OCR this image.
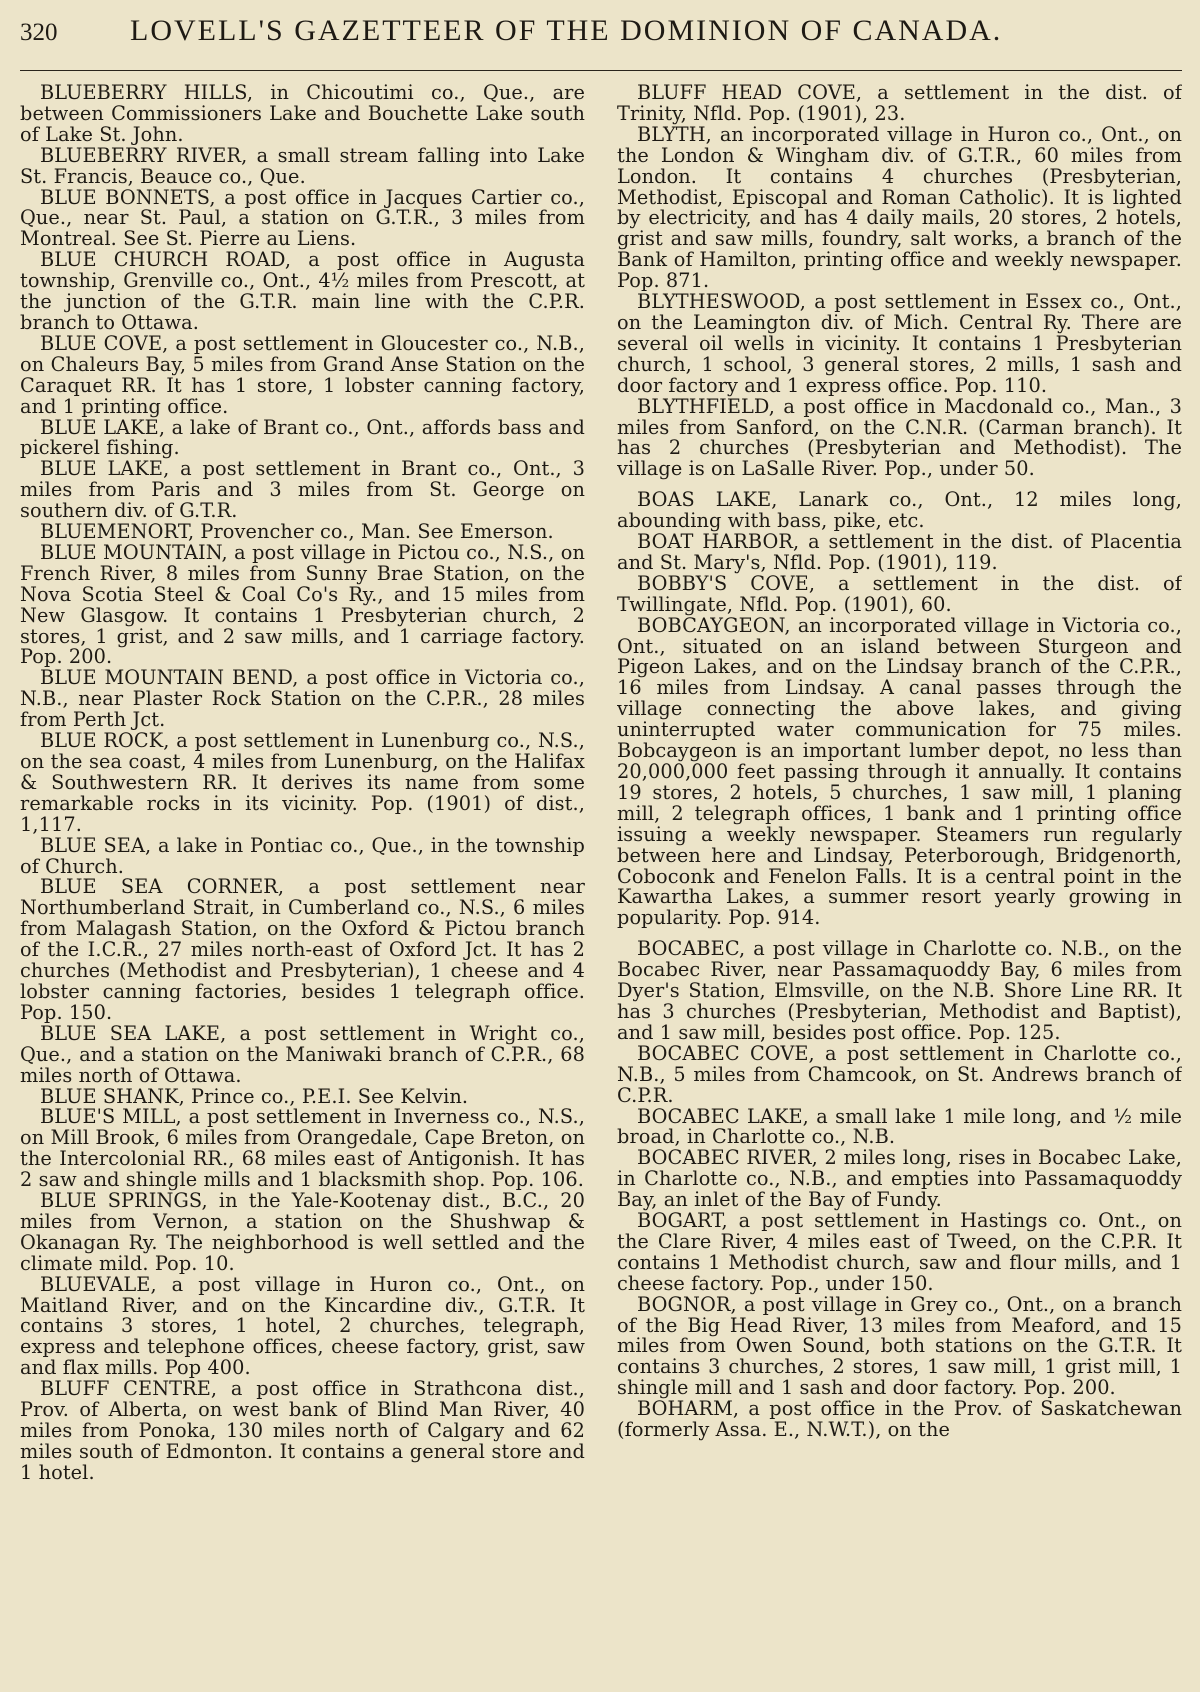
320	LOVELL'S GAZETTEER OF THE DOMINION OF CANADA.

BLUEBERRY HILLS, in Chicoutimi co., Que., are between Commissioners Lake and Bouchette Lake south of Lake St. John.

BLUEBERRY RIVER, a small stream falling into Lake St. Francis, Beauce co., Que.

BLUE BONNETS, a post office in Jacques Cartier co., Que., near St. Paul, a station on G.T.R., 3 miles from Montreal. See St. Pierre au Liens.

BLUE CHURCH ROAD, a post office in Augusta township, Grenville co., Ont., 4½ miles from Prescott, at the junction of the G.T.R. main line with the C.P.R. branch to Ottawa.

BLUE COVE, a post settlement in Gloucester co., N.B., on Chaleurs Bay, 5 miles from Grand Anse Station on the Caraquet RR. It has 1 store, 1 lobster canning factory, and 1 printing office.

BLUE LAKE, a lake of Brant co., Ont., affords bass and pickerel fishing.

BLUE LAKE, a post settlement in Brant co., Ont., 3 miles from Paris and 3 miles from St. George on southern div. of G.T.R.

BLUEMENORT, Provencher co., Man. See Emerson.

BLUE MOUNTAIN, a post village in Pictou co., N.S., on French River, 8 miles from Sunny Brae Station, on the Nova Scotia Steel & Coal Co's Ry., and 15 miles from New Glasgow. It contains 1 Presbyterian church, 2 stores, 1 grist, and 2 saw mills, and 1 carriage factory. Pop. 200.

BLUE MOUNTAIN BEND, a post office in Victoria co., N.B., near Plaster Rock Station on the C.P.R., 28 miles from Perth Jct.

BLUE ROCK, a post settlement in Lunenburg co., N.S., on the sea coast, 4 miles from Lunenburg, on the Halifax & Southwestern RR. It derives its name from some remarkable rocks in its vicinity. Pop. (1901) of dist., 1,117.

BLUE SEA, a lake in Pontiac co., Que., in the township of Church.

BLUE SEA CORNER, a post settlement near Northumberland Strait, in Cumberland co., N.S., 6 miles from Malagash Station, on the Oxford & Pictou branch of the I.C.R., 27 miles north-east of Oxford Jct. It has 2 churches (Methodist and Presbyterian), 1 cheese and 4 lobster canning factories, besides 1 telegraph office. Pop. 150.

BLUE SEA LAKE, a post settlement in Wright co., Que., and a station on the Maniwaki branch of C.P.R., 68 miles north of Ottawa.

BLUE SHANK, Prince co., P.E.I. See Kelvin.

BLUE'S MILL, a post settlement in Inverness co., N.S., on Mill Brook, 6 miles from Orangedale, Cape Breton, on the Intercolonial RR., 68 miles east of Antigonish. It has 2 saw and shingle mills and 1 blacksmith shop. Pop. 106.

BLUE SPRINGS, in the Yale-Kootenay dist., B.C., 20 miles from Vernon, a station on the Shushwap & Okanagan Ry. The neighborhood is well settled and the climate mild. Pop. 10.

BLUEVALE, a post village in Huron co., Ont., on Maitland River, and on the Kincardine div., G.T.R. It contains 3 stores, 1 hotel, 2 churches, telegraph, express and telephone offices, cheese factory, grist, saw and flax mills. Pop 400.

BLUFF CENTRE, a post office in Strathcona dist., Prov. of Alberta, on west bank of Blind Man River, 40 miles from Ponoka, 130 miles north of Calgary and 62 miles south of Edmonton. It contains a general store and 1 hotel.

BLUFF HEAD COVE, a settlement in the dist. of Trinity, Nfld. Pop. (1901), 23.

BLYTH, an incorporated village in Huron co., Ont., on the London & Wingham div. of G.T.R., 60 miles from London. It contains 4 churches (Presbyterian, Methodist, Episcopal and Roman Catholic). It is lighted by electricity, and has 4 daily mails, 20 stores, 2 hotels, grist and saw mills, foundry, salt works, a branch of the Bank of Hamilton, printing office and weekly newspaper. Pop. 871.

BLYTHESWOOD, a post settlement in Essex co., Ont., on the Leamington div. of Mich. Central Ry. There are several oil wells in vicinity. It contains 1 Presbyterian church, 1 school, 3 general stores, 2 mills, 1 sash and door factory and 1 express office. Pop. 110.

BLYTHFIELD, a post office in Macdonald co., Man., 3 miles from Sanford, on the C.N.R. (Carman branch). It has 2 churches (Presbyterian and Methodist). The village is on LaSalle River. Pop., under 50.

BOAS LAKE, Lanark co., Ont., 12 miles long, abounding with bass, pike, etc.

BOAT HARBOR, a settlement in the dist. of Placentia and St. Mary's, Nfld. Pop. (1901), 119.

BOBBY'S COVE, a settlement in the dist. of Twillingate, Nfld. Pop. (1901), 60.

BOBCAYGEON, an incorporated village in Victoria co., Ont., situated on an island between Sturgeon and Pigeon Lakes, and on the Lindsay branch of the C.P.R., 16 miles from Lindsay. A canal passes through the village connecting the above lakes, and giving uninterrupted water communication for 75 miles. Bobcaygeon is an important lumber depot, no less than 20,000,000 feet passing through it annually. It contains 19 stores, 2 hotels, 5 churches, 1 saw mill, 1 planing mill, 2 telegraph offices, 1 bank and 1 printing office issuing a weekly newspaper. Steamers run regularly between here and Lindsay, Peterborough, Bridgenorth, Coboconk and Fenelon Falls. It is a central point in the Kawartha Lakes, a summer resort yearly growing in popularity. Pop. 914.

BOCABEC, a post village in Charlotte co. N.B., on the Bocabec River, near Passamaquoddy Bay, 6 miles from Dyer's Station, Elmsville, on the N.B. Shore Line RR. It has 3 churches (Presbyterian, Methodist and Baptist), and 1 saw mill, besides post office. Pop. 125.

BOCABEC COVE, a post settlement in Charlotte co., N.B., 5 miles from Chamcook, on St. Andrews branch of C.P.R.

BOCABEC LAKE, a small lake 1 mile long, and ½ mile broad, in Charlotte co., N.B.

BOCABEC RIVER, 2 miles long, rises in Bocabec Lake, in Charlotte co., N.B., and empties into Passamaquoddy Bay, an inlet of the Bay of Fundy.

BOGART, a post settlement in Hastings co. Ont., on the Clare River, 4 miles east of Tweed, on the C.P.R. It contains 1 Methodist church, saw and flour mills, and 1 cheese factory. Pop., under 150.

BOGNOR, a post village in Grey co., Ont., on a branch of the Big Head River, 13 miles from Meaford, and 15 miles from Owen Sound, both stations on the G.T.R. It contains 3 churches, 2 stores, 1 saw mill, 1 grist mill, 1 shingle mill and 1 sash and door factory. Pop. 200.

BOHARM, a post office in the Prov. of Saskatchewan (formerly Assa. E., N.W.T.), on the
